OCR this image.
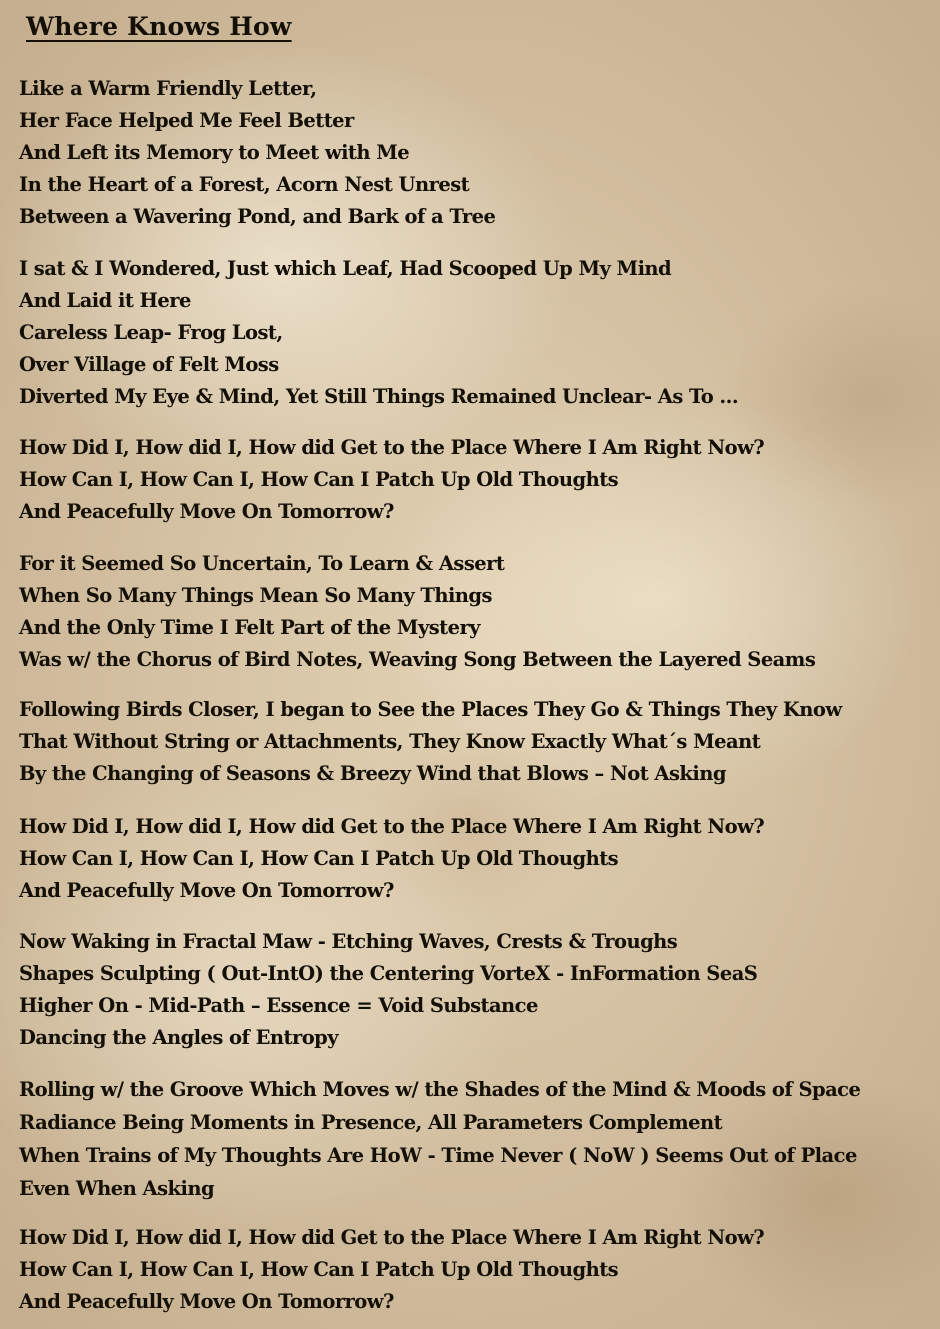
Where Knows How
Like a Warm Friendly Letter,
Her Face Helped Me Feel Better
And Left its Memory to Meet with Me
In the Heart of a Forest, Acorn Nest Unrest
Between a Wavering Pond, and Bark of a Tree
I sat & I Wondered, Just which Leaf, Had Scooped Up My Mind
And Laid it Here
Careless Leap- Frog Lost,
Over Village of Felt Moss
Diverted My Eye & Mind, Yet Still Things Remained Unclear- As To ...
How Did I, How did I, How did Get to the Place Where I Am Right Now?
How Can I, How Can I, How Can I Patch Up Old Thoughts
And Peacefully Move On Tomorrow?
For it Seemed So Uncertain, To Learn & Assert
When So Many Things Mean So Many Things
And the Only Time I Felt Part of the Mystery
Was w/ the Chorus of Bird Notes, Weaving Song Between the Layered Seams
Following Birds Closer, I began to See the Places They Go & Things They Know
That Without String or Attachments, They Know Exactly What´s Meant
By the Changing of Seasons & Breezy Wind that Blows – Not Asking
How Did I, How did I, How did Get to the Place Where I Am Right Now?
How Can I, How Can I, How Can I Patch Up Old Thoughts
And Peacefully Move On Tomorrow?
Now Waking in Fractal Maw - Etching Waves, Crests & Troughs
Shapes Sculpting ( Out-IntO) the Centering VorteX - InFormation SeaS
Higher On - Mid-Path – Essence = Void Substance
Dancing the Angles of Entropy
Rolling w/ the Groove Which Moves w/ the Shades of the Mind & Moods of Space
Radiance Being Moments in Presence, All Parameters Complement
When Trains of My Thoughts Are HoW - Time Never ( NoW ) Seems Out of Place
Even When Asking
How Did I, How did I, How did Get to the Place Where I Am Right Now?
How Can I, How Can I, How Can I Patch Up Old Thoughts
And Peacefully Move On Tomorrow?
